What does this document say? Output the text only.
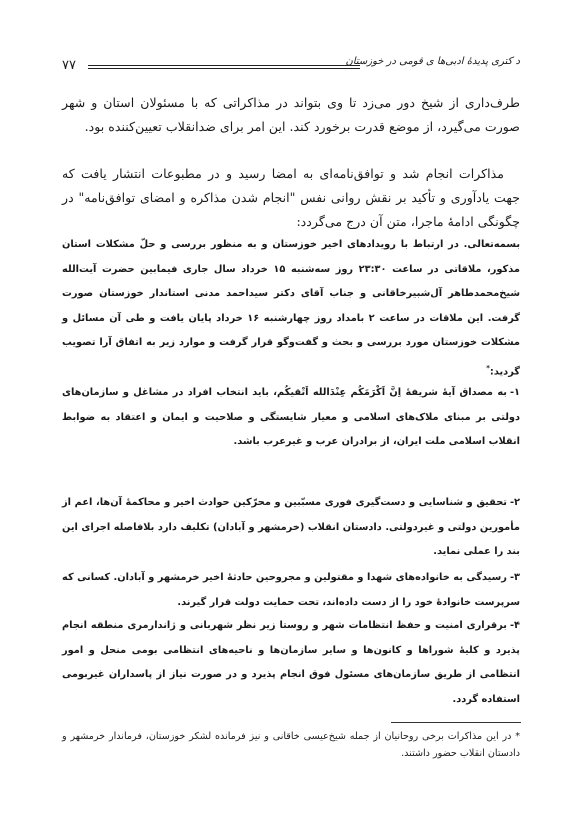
د کتری‌ پدیدۀ ‌ادبی‌ها ‌ی قومی ‌در ‌خوزستان
۷۷

طرف‌داری از شیخ دور می‌زد تا وی بتواند در مذاکراتی که با مسئولان استان و شهر صورت می‌گیرد، از موضع قدرت برخورد کند. این امر برای ضدانقلاب تعیین‌کننده بود.

مذاکرات انجام شد و توافق‌نامه‌ای به امضا رسید و در مطبوعات انتشار یافت که جهت یادآوری و تأکید بر نقش روانی نفس "انجام شدن مذاکره و امضای توافق‌نامه" در چگونگی ادامۀ ماجرا، متن آن درج می‌گردد:

بسمه‌تعالی. در ارتباط با رویدادهای اخیر خوزستان و به منظور بررسی و حلّ مشکلات استان مذکور، ملاقاتی در ساعت ۲۳:۳۰ روز سه‌شنبه ۱۵ خرداد سال جاری فیمابین حضرت آیت‌الله شیخ‌محمدطاهر آل‌شبیرخاقانی و جناب آقای دکتر سیداحمد مدنی استاندار خوزستان صورت گرفت. این ملاقات در ساعت ۲ بامداد روز چهارشنبه ۱۶ خرداد پایان یافت و طی آن مسائل و مشکلات خوزستان مورد بررسی و بحث و گفت‌وگو قرار گرفت و موارد زیر به اتفاق آرا تصویب گردید:*

۱-به مصداق آیۀ شریفۀ اِنَّ اَکْرَمَکُم عِنْدَالله اَتْقیکُم، باید انتخاب افراد در مشاغل و سازمان‌های دولتی بر مبنای ملاک‌های اسلامی و معیار شایستگی و صلاحیت و ایمان و اعتقاد به ضوابط انقلاب اسلامی ملت ایران، از برادران عرب و غیرعرب باشد.

۲-تحقیق و شناسایی و دست‌گیری فوری مسبّبین و محرّکین حوادث اخیر و محاکمۀ آن‌ها، اعم از مأمورین دولتی و غیردولتی. دادستان انقلاب (خرمشهر و آبادان) تکلیف دارد بلافاصله اجرای این بند را عملی نماید.

۳-رسیدگی به خانواده‌های شهدا و مقتولین و مجروحین حادثۀ اخیر خرمشهر و آبادان. کسانی که سرپرست خانوادۀ خود را از دست داده‌اند، تحت حمایت دولت قرار گیرند.

۴-برقراری امنیت و حفظ انتظامات شهر و روستا زیر نظر شهربانی و ژاندارمری منطقه انجام پذیرد و کلیۀ شوراها و کانون‌ها و سایر سازمان‌ها و ناحیه‌های انتظامی بومی منحل و امور انتظامی از طریق سازمان‌های مسئول فوق انجام پذیرد و در صورت نیاز از پاسداران غیربومی استفاده گردد.

* در این مذاکرات برخی روحانیان از جمله شیخ‌عیسی خاقانی و نیز فرمانده لشکر خوزستان، فرماندار خرمشهر و دادستان انقلاب حضور داشتند.
